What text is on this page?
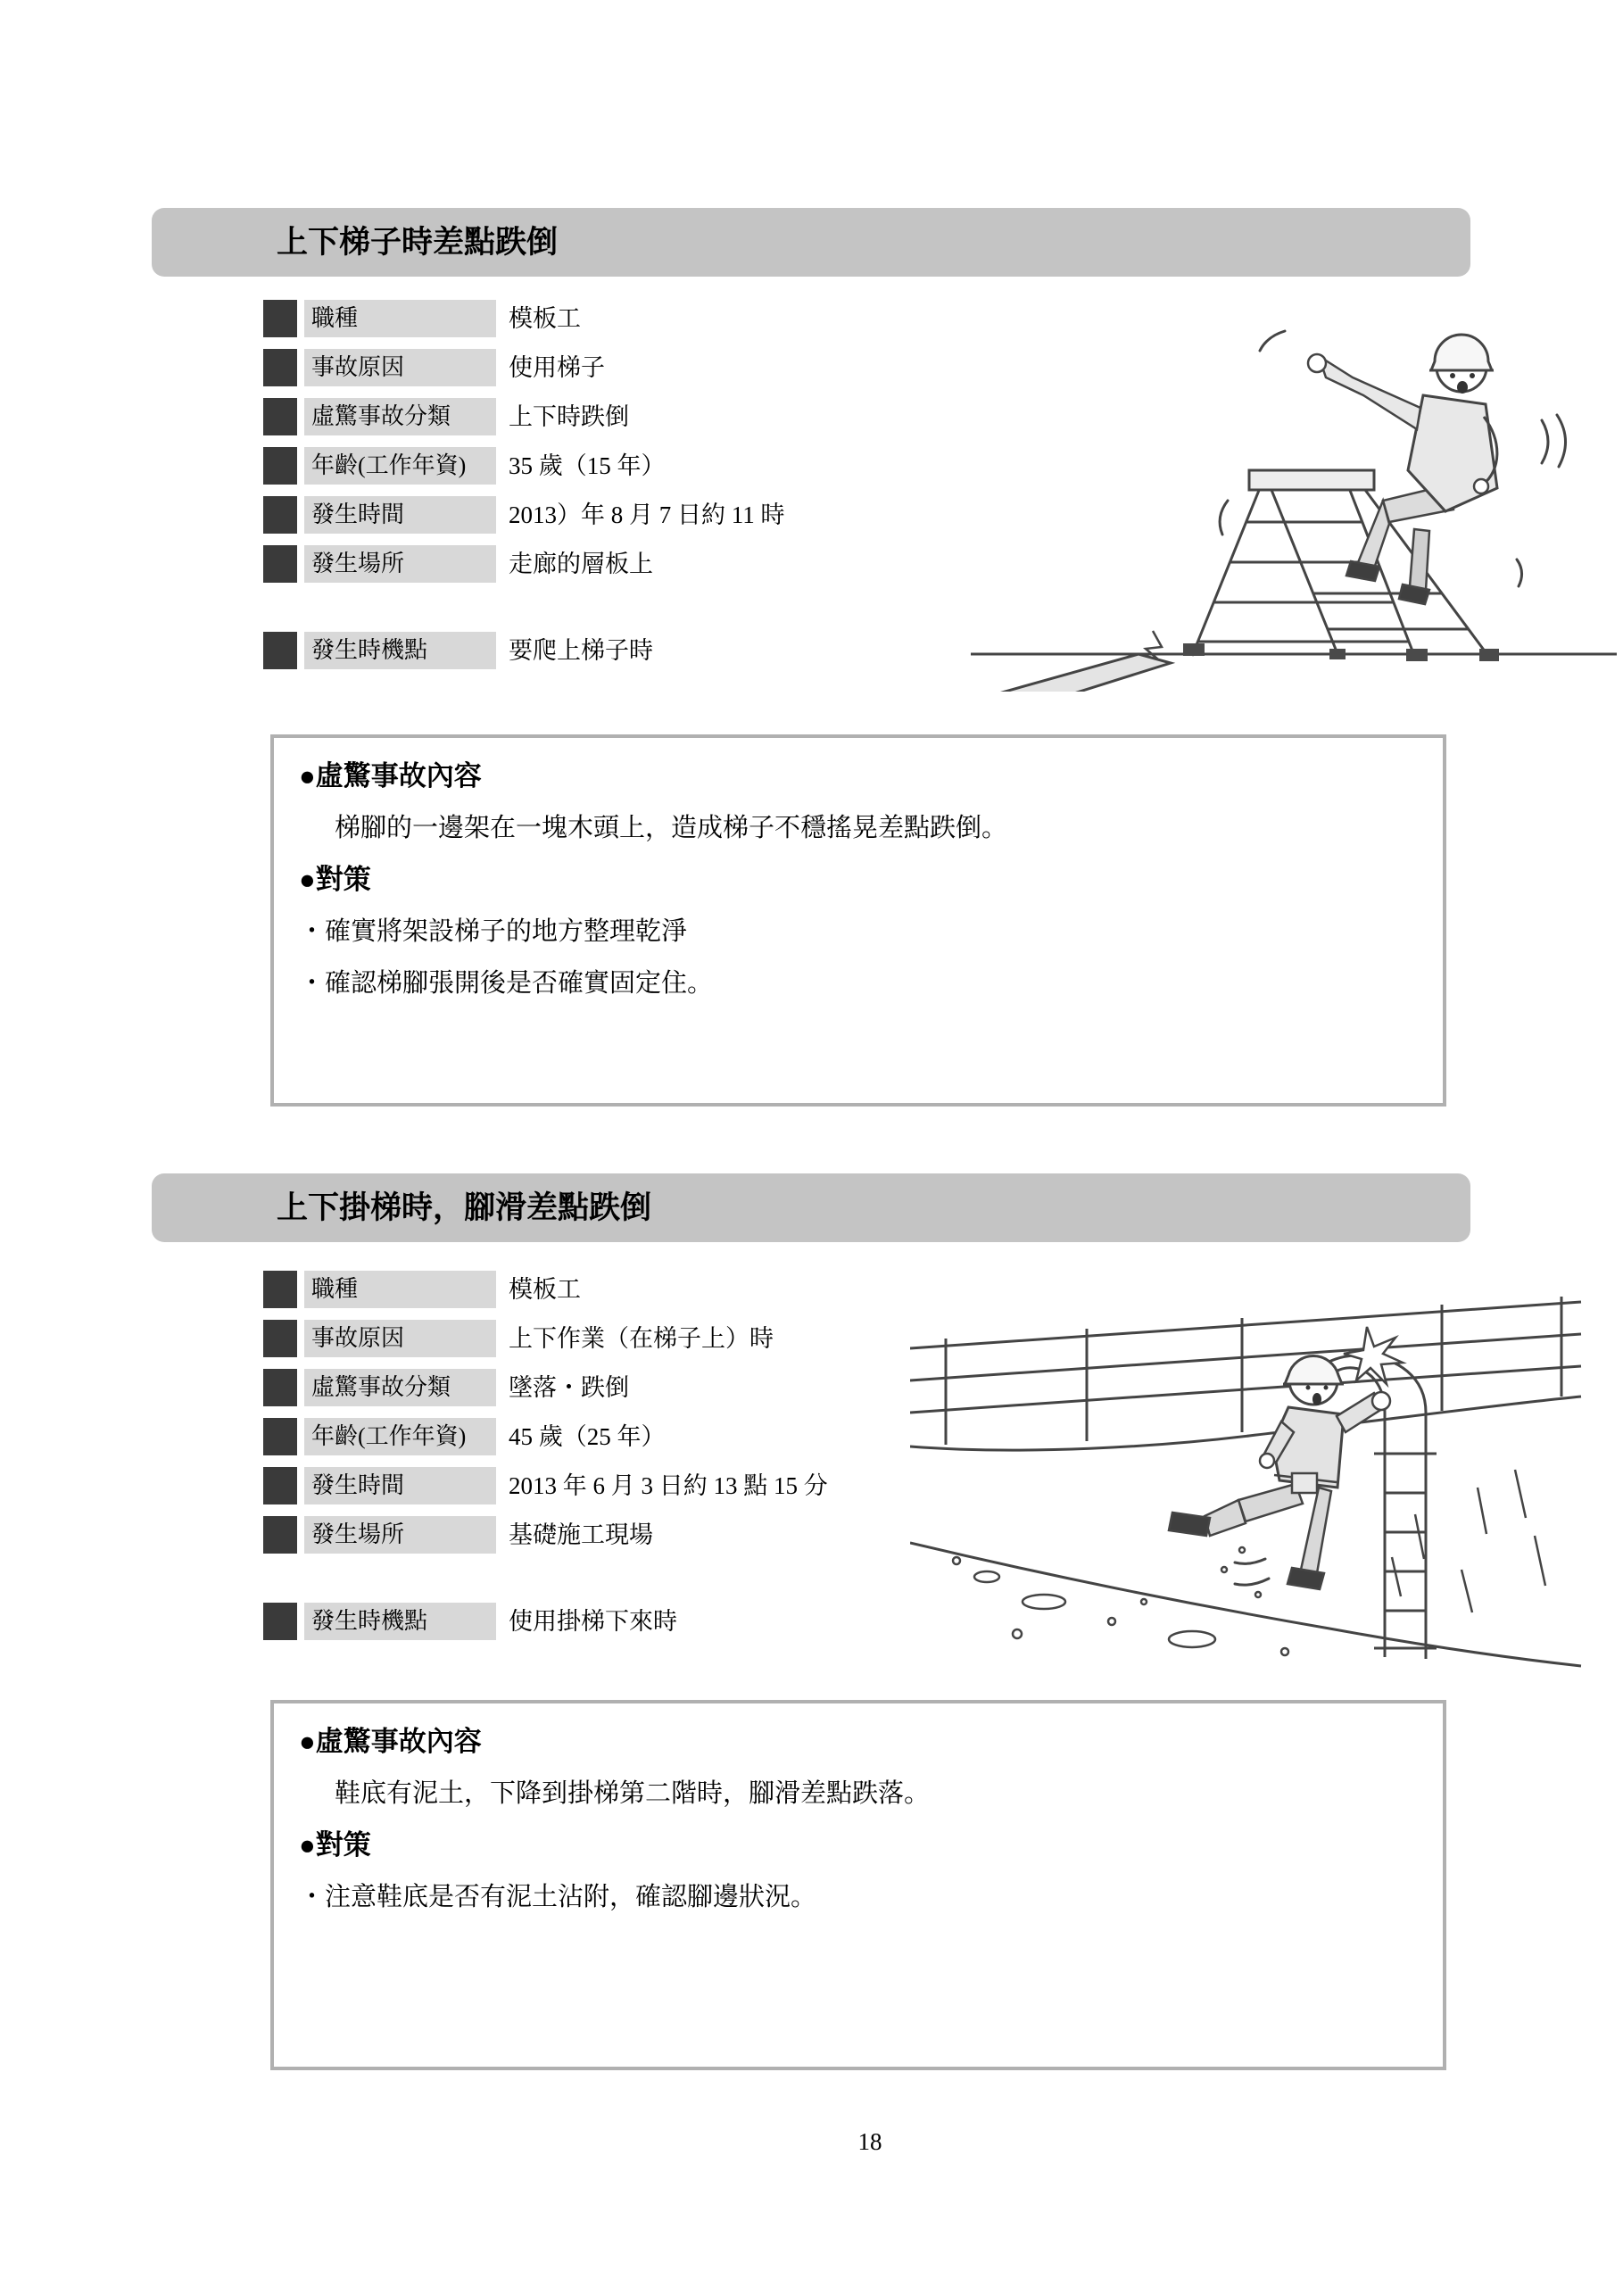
上下梯子時差點跌倒
職種	模板工
事故原因	使用梯子
虛驚事故分類	上下時跌倒
年齡(工作年資)	35 歲（15 年）
發生時間	2013）年 8 月 7 日約 11 時
發生場所	走廊的層板上
發生時機點	要爬上梯子時
●虛驚事故內容
梯腳的一邊架在一塊木頭上，造成梯子不穩搖晃差點跌倒。
●對策
・確實將架設梯子的地方整理乾淨
・確認梯腳張開後是否確實固定住。
上下掛梯時，腳滑差點跌倒
職種	模板工
事故原因	上下作業（在梯子上）時
虛驚事故分類	墜落・跌倒
年齡(工作年資)	45 歲（25 年）
發生時間	2013 年 6 月 3 日約 13 點 15 分
發生場所	基礎施工現場
發生時機點	使用掛梯下來時
●虛驚事故內容
鞋底有泥土，下降到掛梯第二階時，腳滑差點跌落。
●對策
・注意鞋底是否有泥土沾附，確認腳邊狀況。
18
